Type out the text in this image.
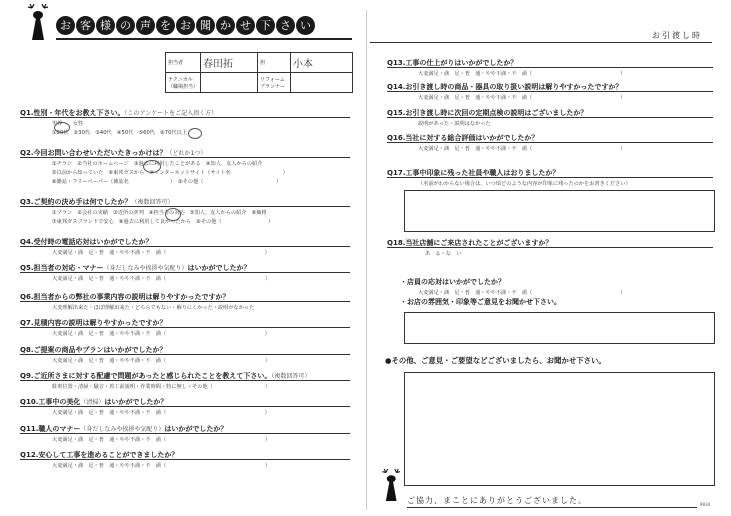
お 客 様 の 声 を お 聞 か せ 下 さ い
担当者	春田拓	担	小本
テクニカル（職場担当）		リフォームプランナー	
Q1.性別・年代をお教え下さい。（このアンケートをご記入頂く方）
男性　　女性
①20代　②30代　③40代　④50代　⑤60代　⑥70代以上
Q2.今回お問い合わせいただいたきっかけは？（どれか1つ）
①チラシ　②当社のホームページ　③過去に利用したことがある　④知人、友人からの紹介
⑤以前から知っていた　⑥東邦ガスから　⑦インターネットサイト（サイト名　　　　　　　　　　）
⑧雑誌・フリーペーパー（雑誌名　　　　　　　　）　⑨その他（　　　　　　　　　　　　　　）
Q3.ご契約の決め手は何でしたか？（複数回答可）
①プラン　②会社の実績　③近所の評判　④担当者の対応　⑤知人、友人からの紹介　⑥価格
⑦東邦ガスブランドで安心　⑧過去に利用して良かったから　⑨その他（　　　　　　　　　）
Q4.受付時の電話応対はいかがでしたか？
大変満足・満　足・普　通・やや不満・不　満（　　　　　　　　　　　　　　　　　　　）
Q5.担当者の対応・マナー（身だしなみや挨拶や気配り）はいかがでしたか？
大変満足・満　足・普　通・やや不満・不　満（　　　　　　　　　　　　　　　　　　　）
Q6.担当者からの弊社の事業内容の説明は解りやすかったですか？
大変理解出来た・ほぼ理解出来た・どちらでもない・解りにくかった・説明がなかった
Q7.見積内容の説明は解りやすかったですか？
大変満足・満　足・普　通・やや不満・不　満（　　　　　　　　　　　　　　　　　　　）
Q8.ご提案の商品やプランはいかがでしたか？
大変満足・満　足・普　通・やや不満・不　満（　　　　　　　　　　　　　　　　　　　）
Q9.ご近所さまに対する配慮で問題があったと感じられたことを教えて下さい。（複数回答可）
駐車位置・清掃・騒音・着工前説明・作業時間・特に無し・その他（　　　　　　　　　　）
Q10.工事中の美化（清掃）はいかがでしたか？
大変満足・満　足・普　通・やや不満・不　満（　　　　　　　　　　　　　　　　　　　）
Q11.職人のマナー（身だしなみや挨拶や気配り）はいかがでしたか？
大変満足・満　足・普　通・やや不満・不　満（　　　　　　　　　　　　　　　　　　　）
Q12.安心して工事を進めることができましたか？
大変満足・満　足・普　通・やや不満・不　満（　　　　　　　　　　　　　　　　　　　）
お引渡し時
Q13.工事の仕上がりはいかがでしたか？
大変満足・満　足・普　通・やや不満・不　満（　　　　　　　　　　　　　　　　　）
Q14.お引き渡し時の商品・器具の取り扱い説明は解りやすかったですか？
大変満足・満　足・普　通・やや不満・不　満（　　　　　　　　　　　　　　　　　）
Q15.お引き渡し時に次回の定期点検の説明はございましたか？
説明があった・説明はなかった
Q16.当社に対する総合評価はいかがでしたか？
大変満足・満　足・普　通・やや不満・不　満（　　　　　　　　　　　　　　　　　）
Q17.工事中印象に残った社員や職人はおりましたか？
（名前がわからない場合は、いつ頃どのような内容が印象に残ったのかをお書きください）
Q18.当社店舗にご来店されたことがございますか？
あ　る・な　い
・店員の応対はいかがでしたか？
大変満足・満　足・普　通・やや不満・不　満（　　　　　　　　　　　　　　　　　）
・お店の雰囲気・印象等ご意見をお聞かせ下さい。
●その他、ご意見・ご要望などございましたら、お聞かせ下さい。
ご協力、まことにありがとうございました。	9934
